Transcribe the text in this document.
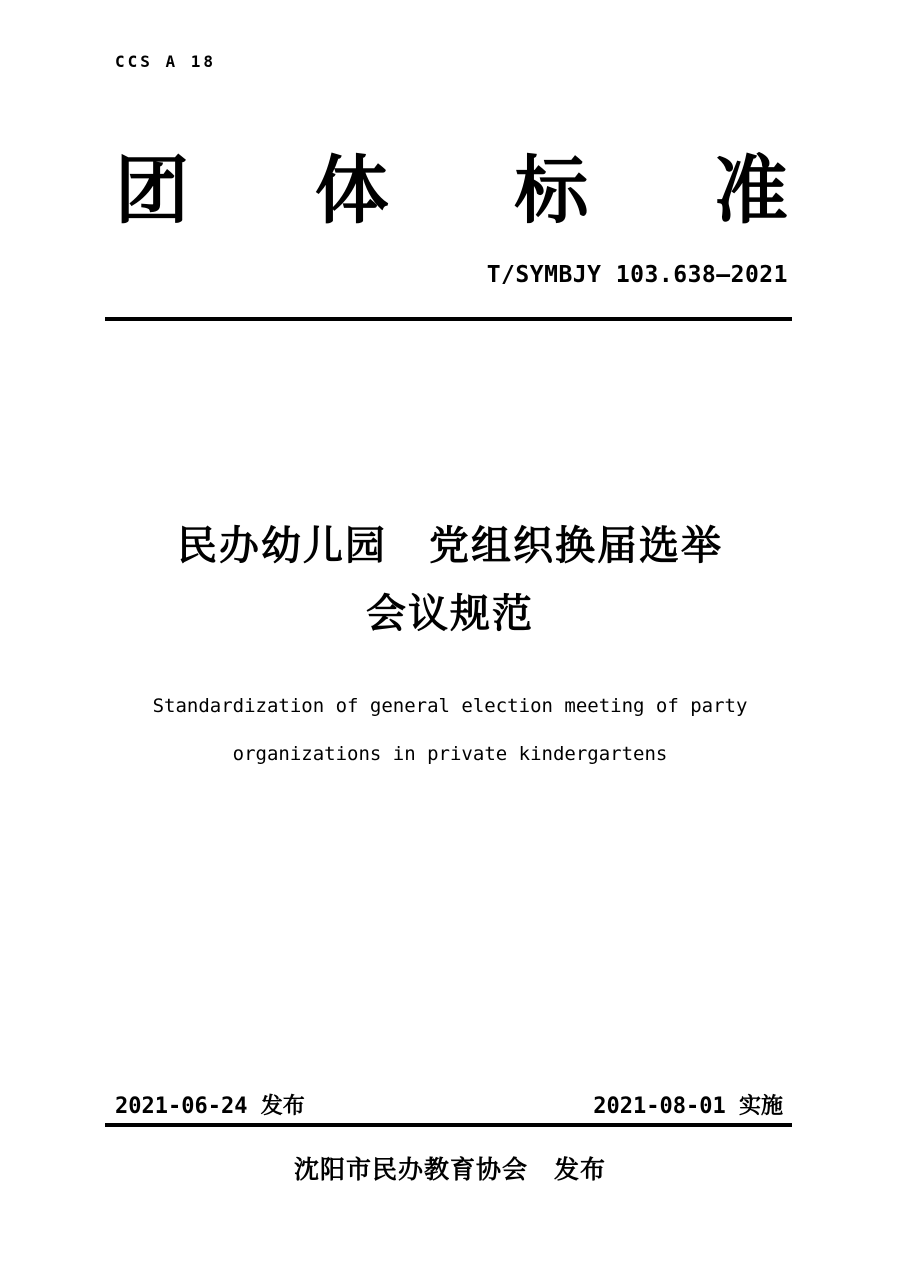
CCS A 18
团 体 标 准
T/SYMBJY 103.638—2021
民办幼儿园　党组织换届选举
会议规范
Standardization of general election meeting of party
organizations in private kindergartens
2021-06-24 发布	2021-08-01 实施
沈阳市民办教育协会　发布
